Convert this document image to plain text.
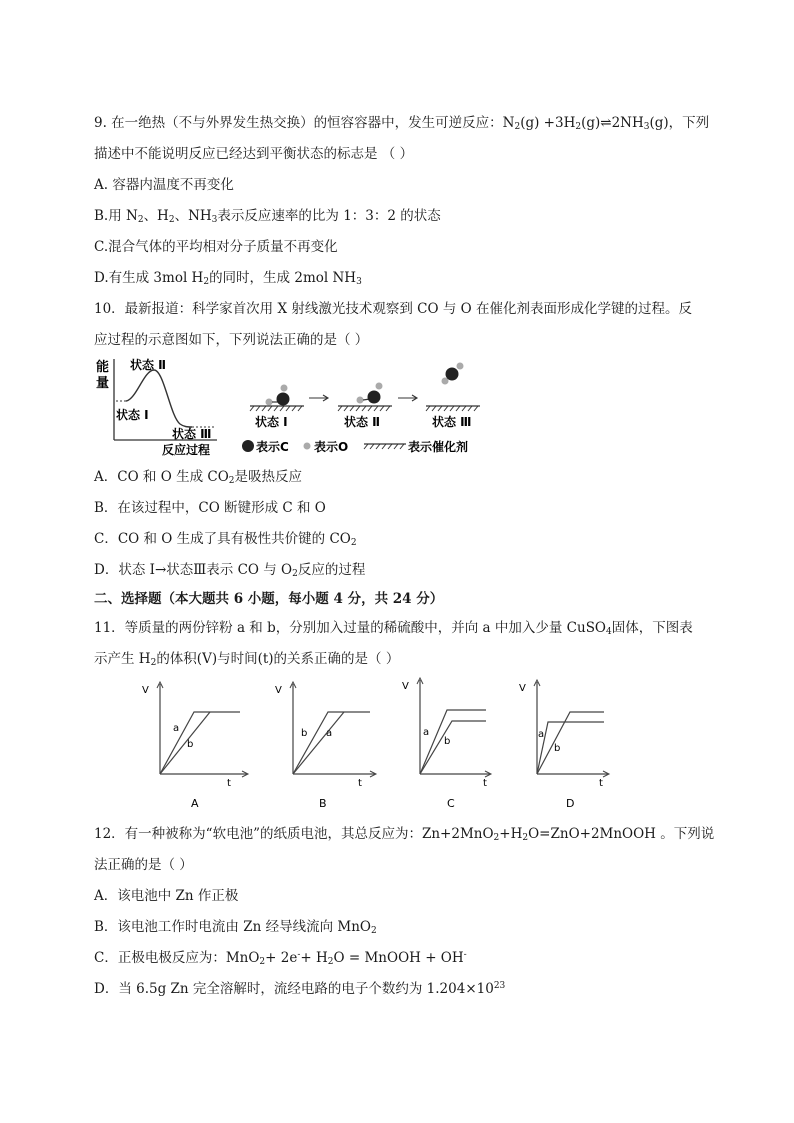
9. 在一绝热（不与外界发生热交换）的恒容容器中，发生可逆反应：$N_2(g)$ $+3H_2(g)\rightleftharpoons 2NH_3(g)$，下列
描述中不能说明反应已经达到平衡状态的标志是 （ ）
A. 容器内温度不再变化
B.用 $N_2$、$H_2$、$NH_3$表示反应速率的比为 1：3：2 的状态
C.混合气体的平均相对分子质量不再变化
D.有生成 3mol $H_2$的同时，生成 2mol $NH_3$
10．最新报道：科学家首次用 X 射线激光技术观察到 CO 与 O 在催化剂表面形成化学键的过程。反
应过程的示意图如下，下列说法正确的是（ ）
能
量
状态 Ⅱ
状态 Ⅰ
状态 Ⅲ
反应过程
状态 Ⅰ	状态 Ⅱ	状态 Ⅲ
表示C 表示O	表示催化剂
A．CO 和 O 生成 $CO_2$是吸热反应
B．在该过程中，CO 断键形成 C 和 O
C．CO 和 O 生成了具有极性共价键的 $CO_2$
D．状态 Ⅰ→状态Ⅲ表示 CO 与 $O_2$反应的过程
二、选择题（本大题共 6 小题，每小题 4 分，共 24 分）
11．等质量的两份锌粉 a 和 b，分别加入过量的稀硫酸中，并向 a 中加入少量 CuSO$_4$固体，下图表
示产生 $H_2$的体积(V)与时间(t)的关系正确的是（ ）
V
t
a
b
A
V
t
b a
B
V
t
a
b
C
V
t
a
b
D
12．有一种被称为“软电池”的纸质电池，其总反应为：$Zn+2MnO_2+H_2O=ZnO+2MnOOH$ 。下列说
法正确的是（ ）
A．该电池中 Zn 作正极
B．该电池工作时电流由 Zn 经导线流向 MnO$_2$
C．正极电极反应为：$MnO_2+ 2e^-+ H_2O$ = MnOOH + OH-
D．当 6.5g Zn 完全溶解时，流经电路的电子个数约为 $1.204\times 10^{23}$
